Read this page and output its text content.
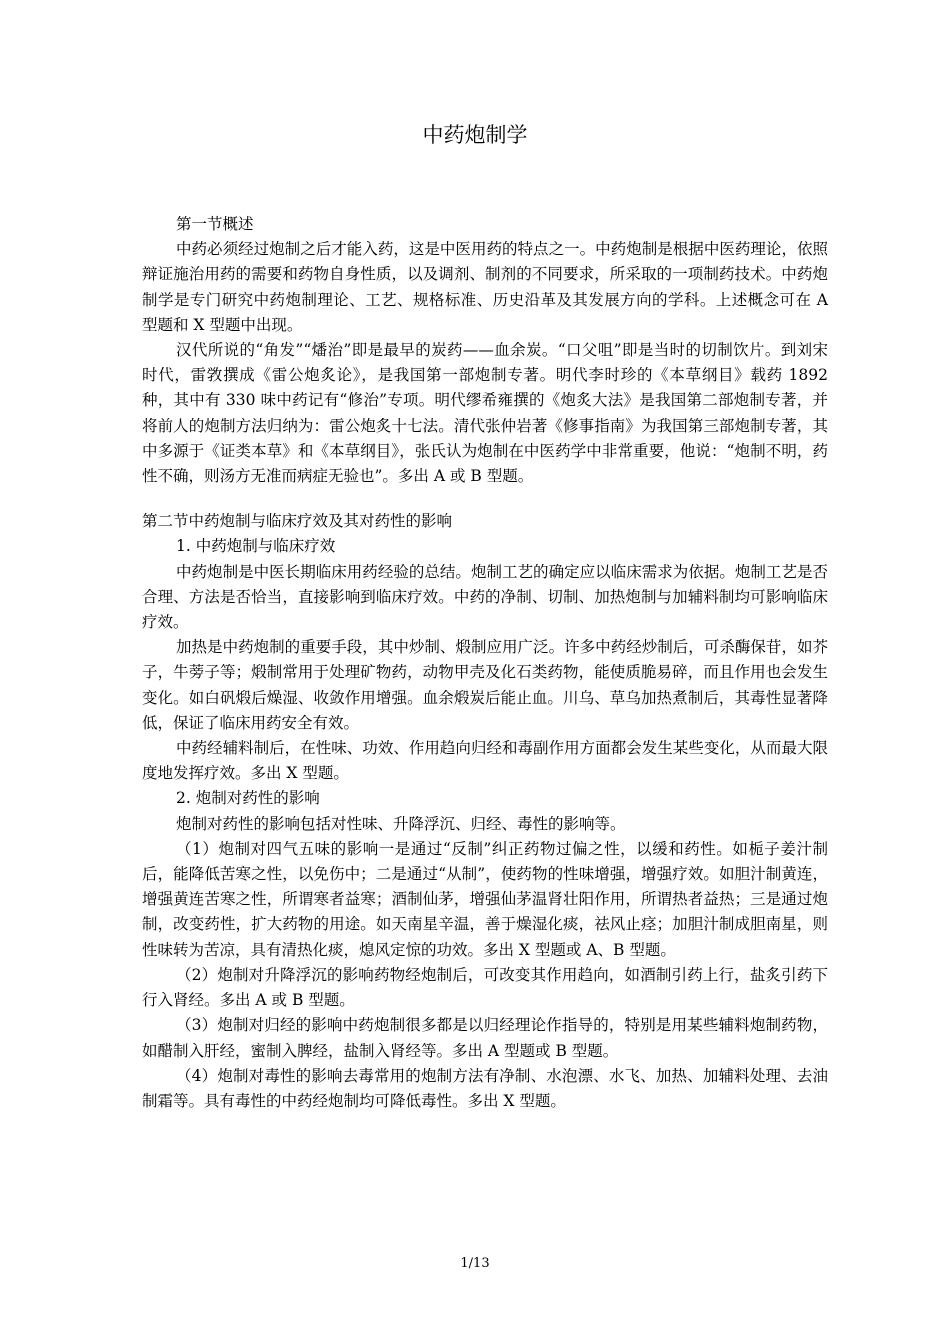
中药炮制学

第一节概述

中药必须经过炮制之后才能入药，这是中医用药的特点之一。中药炮制是根据中医药理论，依照辩证施治用药的需要和药物自身性质，以及调剂、制剂的不同要求，所采取的一项制药技术。中药炮制学是专门研究中药炮制理论、工艺、规格标准、历史沿革及其发展方向的学科。上述概念可在 A 型题和 X 型题中出现。

汉代所说的“角发”“燔治”即是最早的炭药——血余炭。“口父咀”即是当时的切制饮片。到刘宋时代，雷敩撰成《雷公炮炙论》，是我国第一部炮制专著。明代李时珍的《本草纲目》载药 1892 种，其中有 330 味中药记有“修治”专项。明代缪希雍撰的《炮炙大法》是我国第二部炮制专著，并将前人的炮制方法归纳为：雷公炮炙十七法。清代张仲岩著《修事指南》为我国第三部炮制专著，其中多源于《证类本草》和《本草纲目》，张氏认为炮制在中医药学中非常重要，他说：“炮制不明，药性不确，则汤方无准而病症无验也”。多出 A 或 B 型题。

第二节中药炮制与临床疗效及其对药性的影响

1. 中药炮制与临床疗效

中药炮制是中医长期临床用药经验的总结。炮制工艺的确定应以临床需求为依据。炮制工艺是否合理、方法是否恰当，直接影响到临床疗效。中药的净制、切制、加热炮制与加辅料制均可影响临床疗效。

加热是中药炮制的重要手段，其中炒制、煅制应用广泛。许多中药经炒制后，可杀酶保苷，如芥子，牛蒡子等；煅制常用于处理矿物药，动物甲壳及化石类药物，能使质脆易碎，而且作用也会发生变化。如白矾煅后燥湿、收敛作用增强。血余煅炭后能止血。川乌、草乌加热煮制后，其毒性显著降低，保证了临床用药安全有效。

中药经辅料制后，在性味、功效、作用趋向归经和毒副作用方面都会发生某些变化，从而最大限度地发挥疗效。多出 X 型题。

2. 炮制对药性的影响

炮制对药性的影响包括对性味、升降浮沉、归经、毒性的影响等。

（1）炮制对四气五味的影响一是通过“反制”纠正药物过偏之性，以缓和药性。如栀子姜汁制后，能降低苦寒之性，以免伤中；二是通过“从制”，使药物的性味增强，增强疗效。如胆汁制黄连，增强黄连苦寒之性，所谓寒者益寒；酒制仙茅，增强仙茅温肾壮阳作用，所谓热者益热；三是通过炮制，改变药性，扩大药物的用途。如天南星辛温，善于燥湿化痰，祛风止痉；加胆汁制成胆南星，则性味转为苦凉，具有清热化痰，熄风定惊的功效。多出 X 型题或 A、B 型题。

（2）炮制对升降浮沉的影响药物经炮制后，可改变其作用趋向，如酒制引药上行，盐炙引药下行入肾经。多出 A 或 B 型题。

（3）炮制对归经的影响中药炮制很多都是以归经理论作指导的，特别是用某些辅料炮制药物，如醋制入肝经，蜜制入脾经，盐制入肾经等。多出 A 型题或 B 型题。

（4）炮制对毒性的影响去毒常用的炮制方法有净制、水泡漂、水飞、加热、加辅料处理、去油制霜等。具有毒性的中药经炮制均可降低毒性。多出 X 型题。

1/13
